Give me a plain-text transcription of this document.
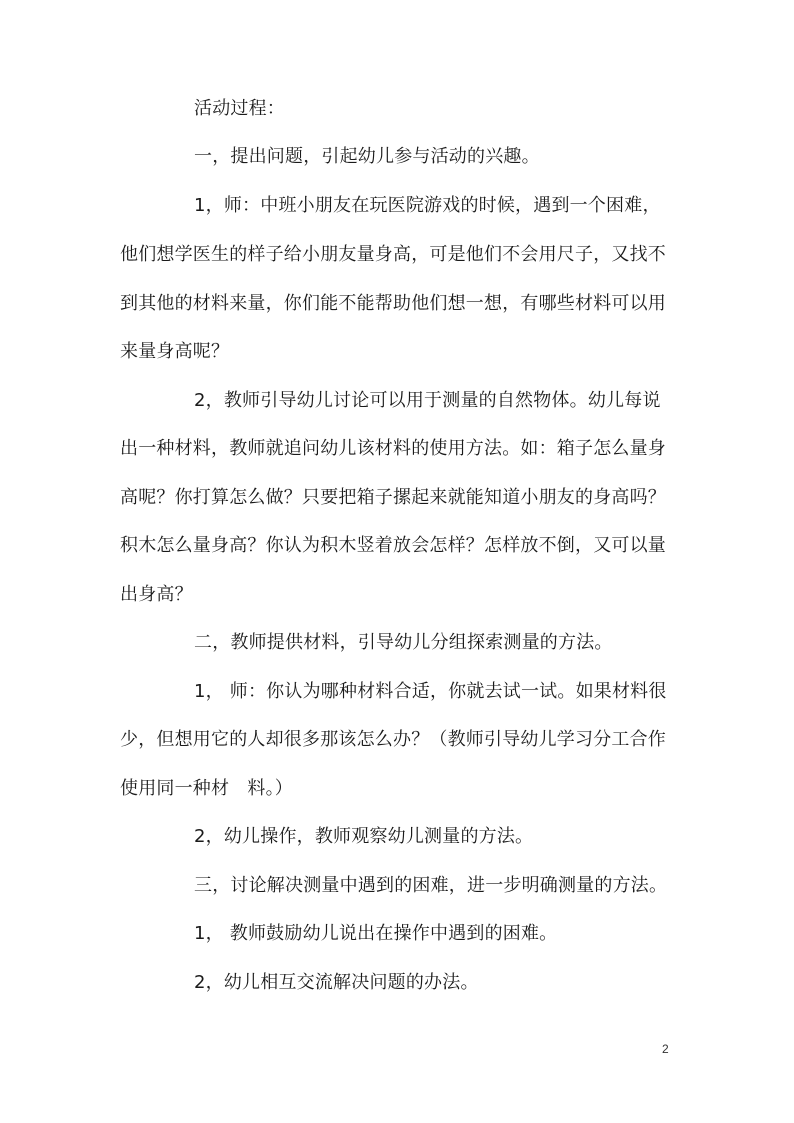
活动过程：
一，提出问题，引起幼儿参与活动的兴趣。
1，师：中班小朋友在玩医院游戏的时候，遇到一个困难，
他们想学医生的样子给小朋友量身高，可是他们不会用尺子，又找不
到其他的材料来量，你们能不能帮助他们想一想，有哪些材料可以用
来量身高呢？
2，教师引导幼儿讨论可以用于测量的自然物体。幼儿每说
出一种材料，教师就追问幼儿该材料的使用方法。如：箱子怎么量身
高呢？你打算怎么做？只要把箱子摞起来就能知道小朋友的身高吗？
积木怎么量身高？你认为积木竖着放会怎样？怎样放不倒，又可以量
出身高？
二，教师提供材料，引导幼儿分组探索测量的方法。
1， 师：你认为哪种材料合适，你就去试一试。如果材料很
少，但想用它的人却很多那该怎么办？（教师引导幼儿学习分工合作
使用同一种材　料。）
2，幼儿操作，教师观察幼儿测量的方法。
三，讨论解决测量中遇到的困难，进一步明确测量的方法。
1， 教师鼓励幼儿说出在操作中遇到的困难。
2，幼儿相互交流解决问题的办法。
2
